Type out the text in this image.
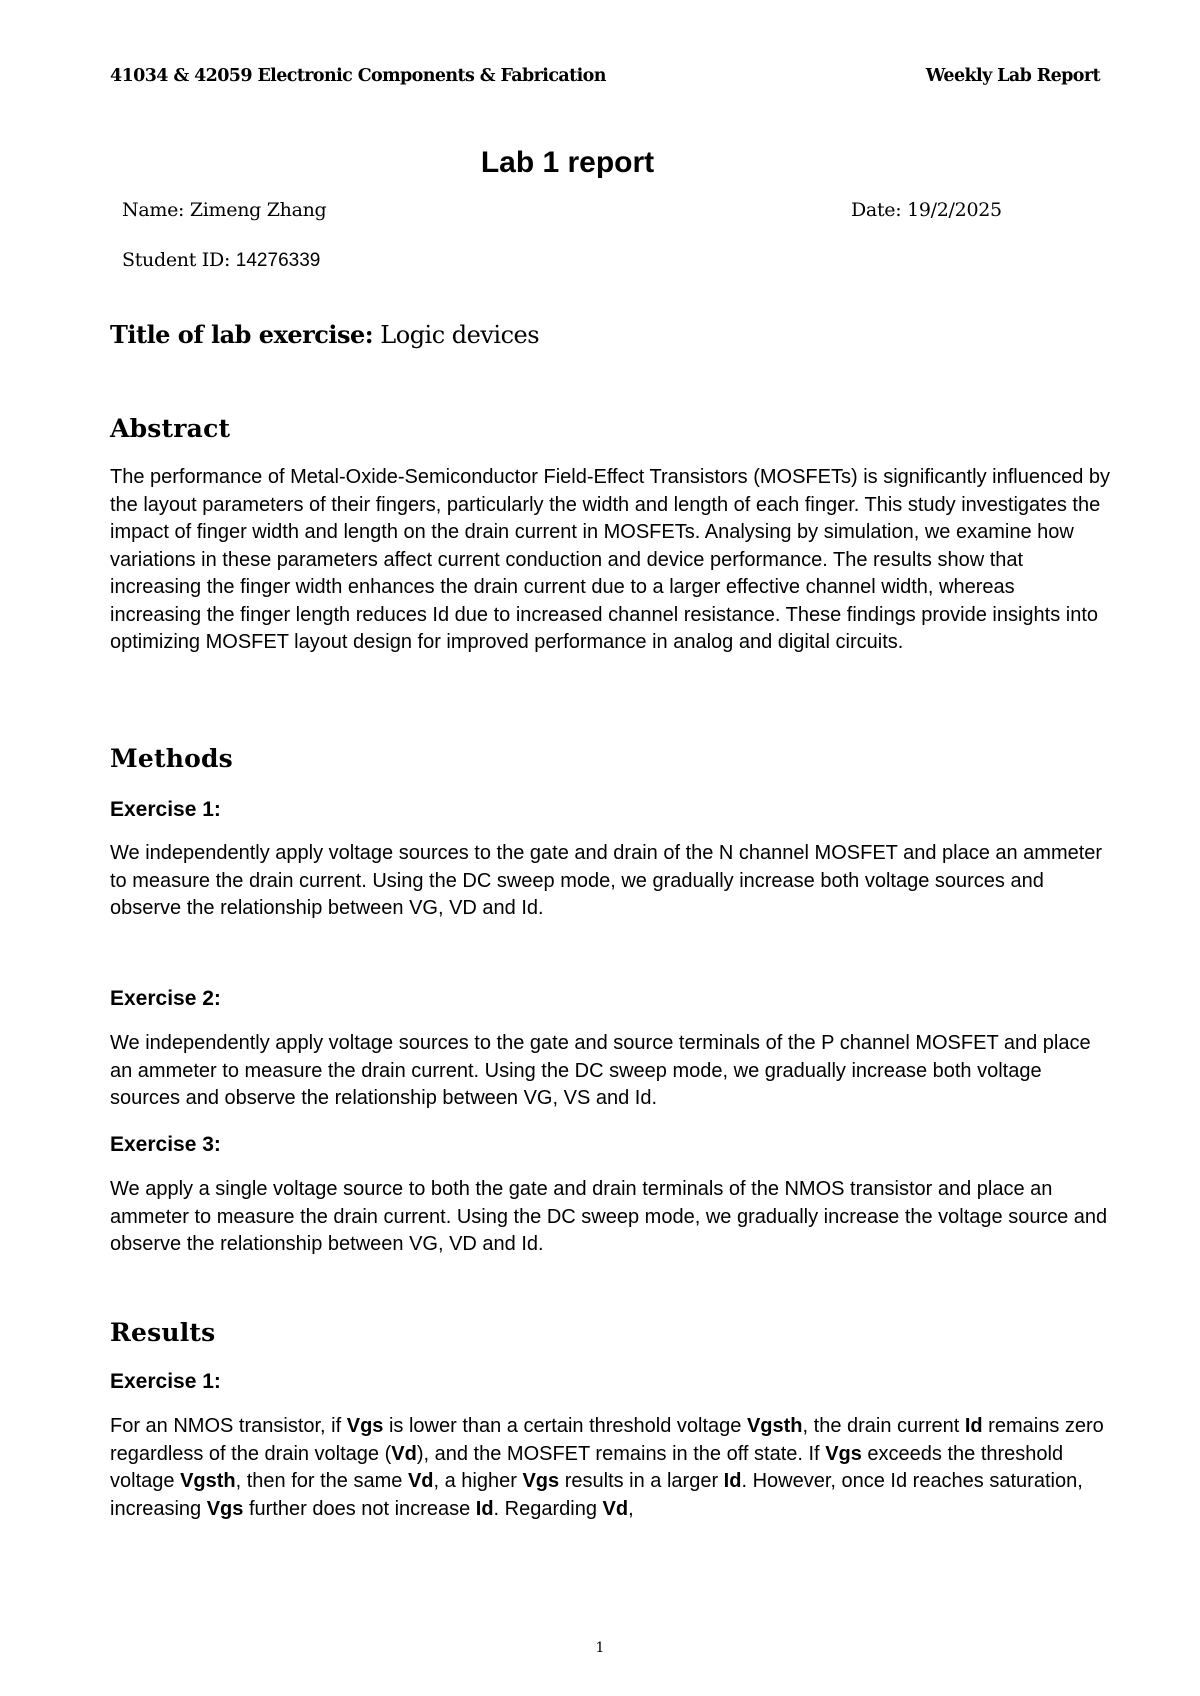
41034 & 42059 Electronic Components & Fabrication	Weekly Lab Report
Lab 1 report
Name: Zimeng Zhang	Date: 19/2/2025
Student ID: 14276339
Title of lab exercise: Logic devices
Abstract

The performance of Metal-Oxide-Semiconductor Field-Effect Transistors (MOSFETs) is significantly influenced by the layout parameters of their fingers, particularly the width and length of each finger. This study investigates the impact of finger width and length on the drain current in MOSFETs. Analysing by simulation, we examine how variations in these parameters affect current conduction and device performance. The results show that increasing the finger width enhances the drain current due to a larger effective channel width, whereas increasing the finger length reduces Id due to increased channel resistance. These findings provide insights into optimizing MOSFET layout design for improved performance in analog and digital circuits.

Methods
Exercise 1:

We independently apply voltage sources to the gate and drain of the N channel MOSFET and place an ammeter to measure the drain current. Using the DC sweep mode, we gradually increase both voltage sources and observe the relationship between VG, VD and Id.

Exercise 2:

We independently apply voltage sources to the gate and source terminals of the P channel MOSFET and place an ammeter to measure the drain current. Using the DC sweep mode, we gradually increase both voltage sources and observe the relationship between VG, VS and Id.

Exercise 3:

We apply a single voltage source to both the gate and drain terminals of the NMOS transistor and place an ammeter to measure the drain current. Using the DC sweep mode, we gradually increase the voltage source and observe the relationship between VG, VD and Id.

Results
Exercise 1:

For an NMOS transistor, if Vgs is lower than a certain threshold voltage Vgsth, the drain current Id remains zero regardless of the drain voltage (Vd), and the MOSFET remains in the off state. If Vgs exceeds the threshold voltage Vgsth, then for the same Vd, a higher Vgs results in a larger Id. However, once Id reaches saturation, increasing Vgs further does not increase Id. Regarding Vd,

1
